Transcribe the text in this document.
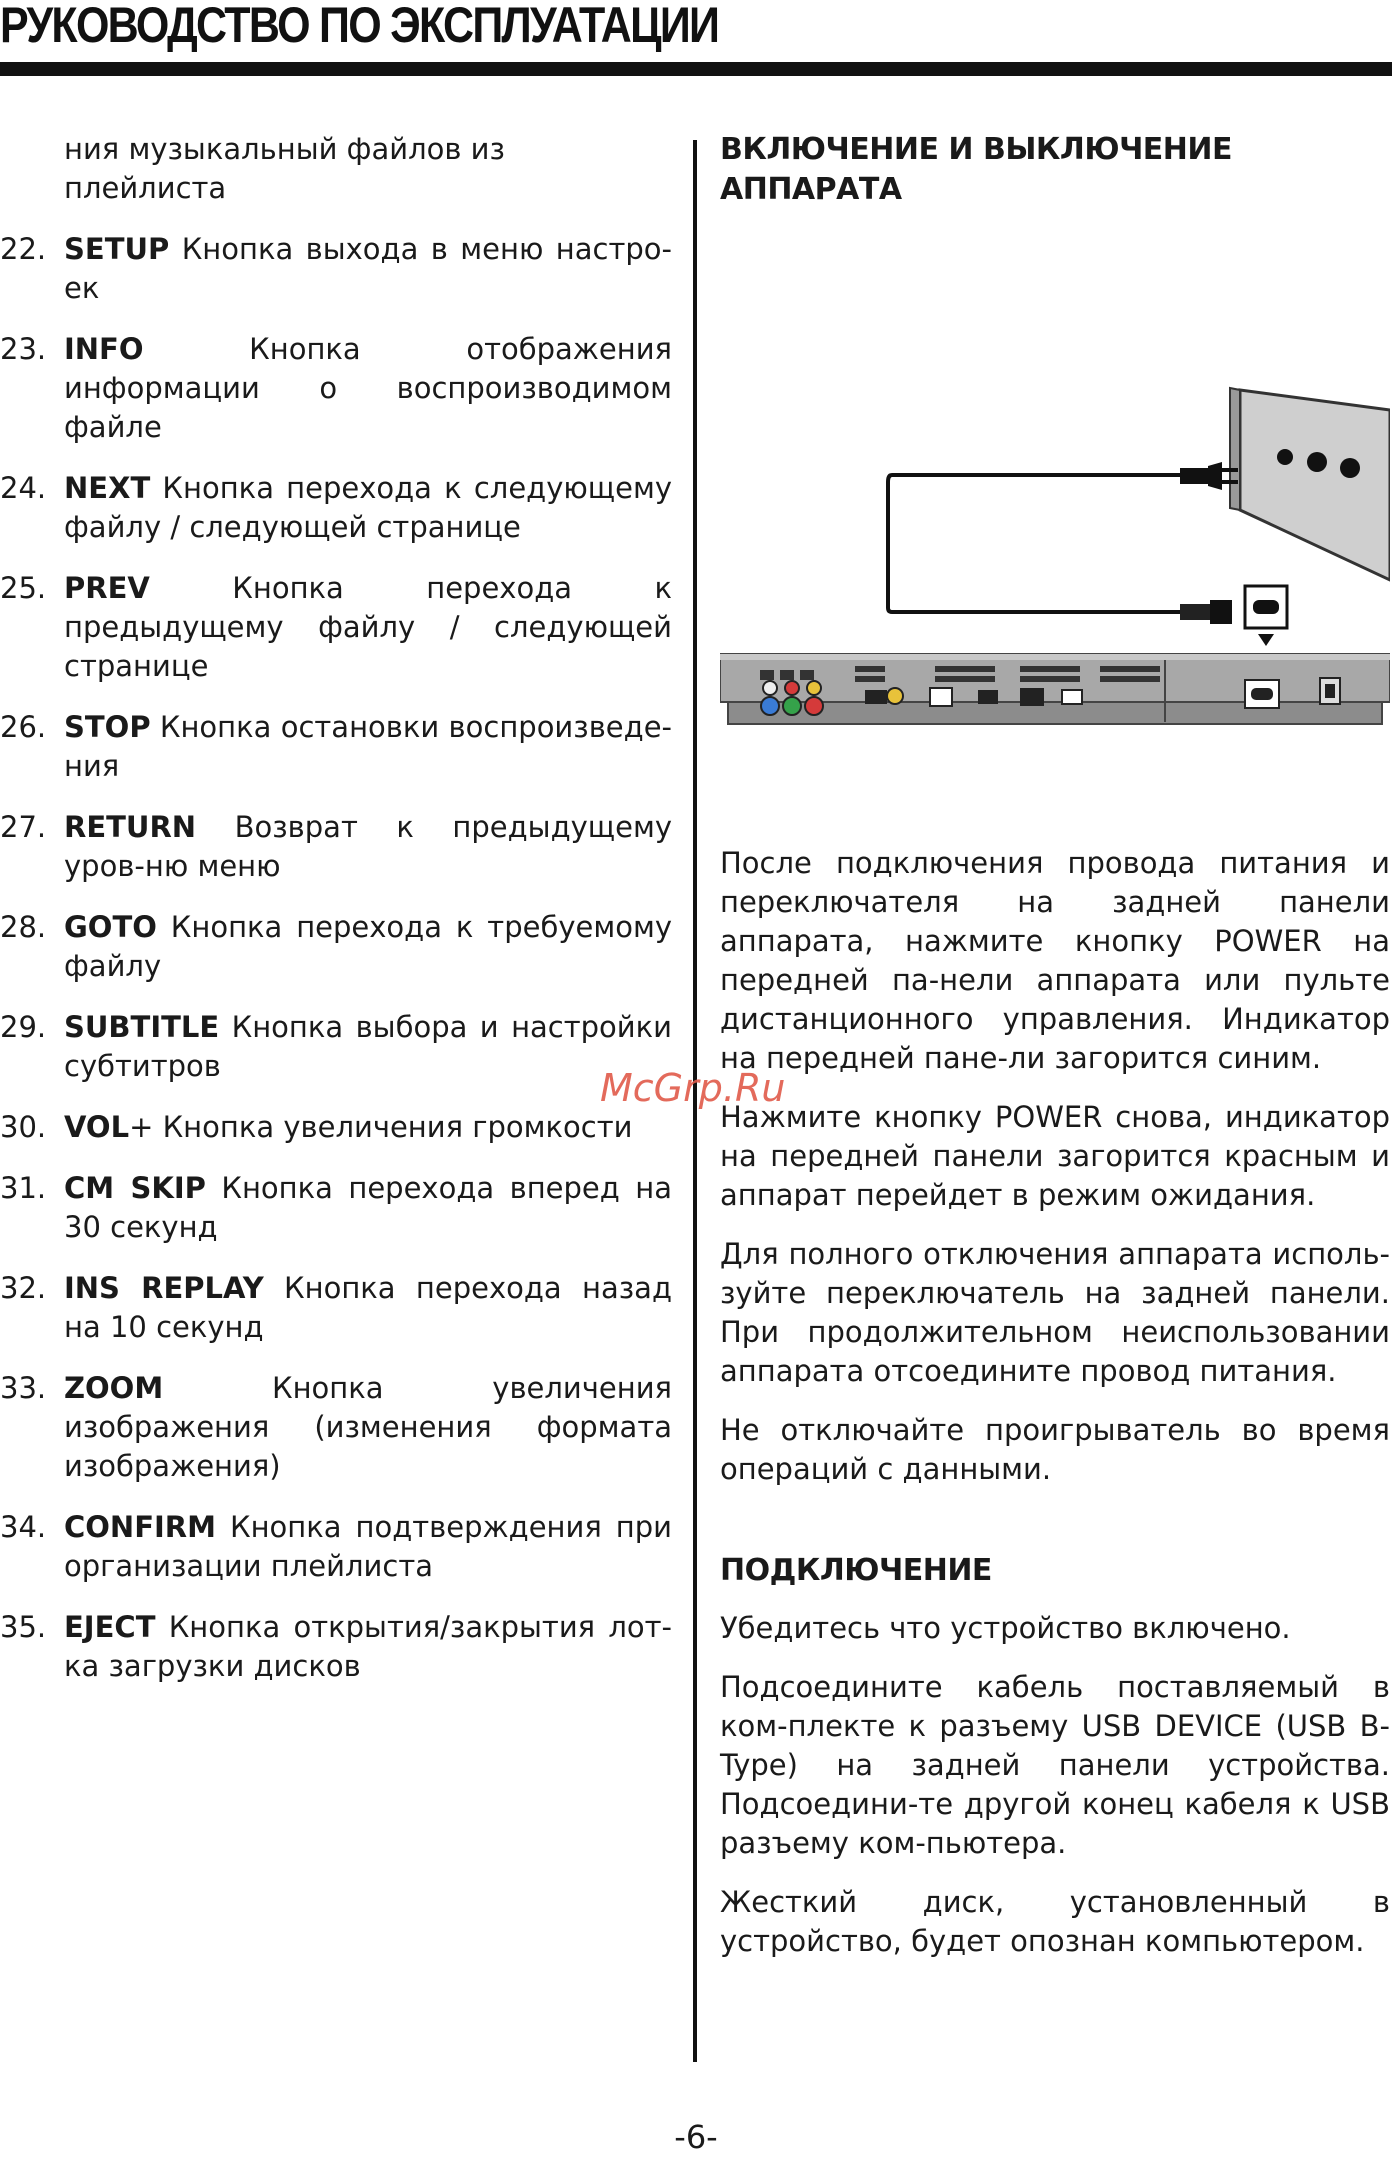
РУКОВОДСТВО ПО ЭКСПЛУАТАЦИИ
ния музыкальный файлов из плейлиста
22. SETUP Кнопка выхода в меню настро-ек
23. INFO Кнопка отображения информации о воспроизводимом файле
24. NEXT Кнопка перехода к следующему файлу / следующей странице
25. PREV Кнопка перехода к предыдущему файлу / следующей странице
26. STOP Кнопка остановки воспроизведе-ния
27. RETURN Возврат к предыдущему уров-ню меню
28. GOTO Кнопка перехода к требуемому файлу
29. SUBTITLE Кнопка выбора и настройки субтитров
30. VOL+ Кнопка увеличения громкости
31. CM SKIP Кнопка перехода вперед на 30 секунд
32. INS REPLAY Кнопка перехода назад на 10 секунд
33. ZOOM Кнопка увеличения изображения (изменения формата изображения)
34. CONFIRM Кнопка подтверждения при организации плейлиста
35. EJECT Кнопка открытия/закрытия лот-ка загрузки дисков
ВКЛЮЧЕНИЕ И ВЫКЛЮЧЕНИЕ АППАРАТА

После подключения провода питания и переключателя на задней панели аппарата, нажмите кнопку POWER на передней па-нели аппарата или пульте дистанционного управления. Индикатор на передней пане-ли загорится синим.

Нажмите кнопку POWER снова, индикатор на передней панели загорится красным и аппарат перейдет в режим ожидания.

Для полного отключения аппарата исполь-зуйте переключатель на задней панели. При продолжительном неиспользовании аппарата отсоедините провод питания.

Не отключайте проигрыватель во время операций с данными.

ПОДКЛЮЧЕНИЕ

Убедитесь что устройство включено.

Подсоедините кабель поставляемый в ком-плекте к разъему USB DEVICE (USB B-Type) на задней панели устройства. Подсоедини-те другой конец кабеля к USB разъему ком-пьютера.

Жесткий диск, установленный в устройство, будет опознан компьютером.

McGrp.Ru
-6-
